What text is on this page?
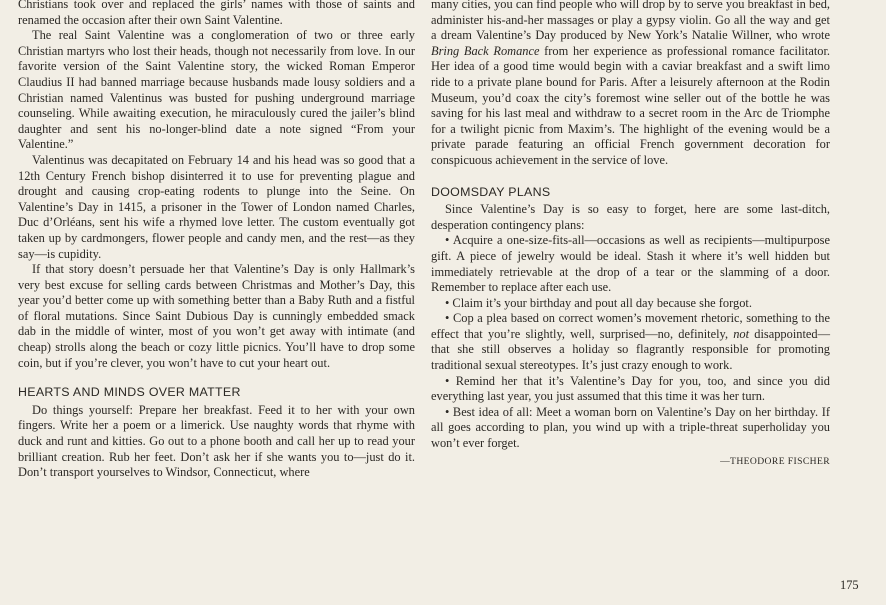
Christians took over and replaced the girls’ names with those of saints and renamed the occasion after their own Saint Valentine.

The real Saint Valentine was a conglomeration of two or three early Christian martyrs who lost their heads, though not necessarily from love. In our favorite version of the Saint Valentine story, the wicked Roman Emperor Claudius II had banned marriage because husbands made lousy soldiers and a Christian named Valentinus was busted for pushing underground marriage counseling. While awaiting execution, he miraculously cured the jailer’s blind daughter and sent his no-longer-blind date a note signed “From your Valentine.”

Valentinus was decapitated on February 14 and his head was so good that a 12th Century French bishop disinterred it to use for preventing plague and drought and causing crop-eating rodents to plunge into the Seine. On Valentine’s Day in 1415, a prisoner in the Tower of London named Charles, Duc d’Orléans, sent his wife a rhymed love letter. The custom eventually got taken up by cardmongers, flower people and candy men, and the rest—as they say—is cupidity.

If that story doesn’t persuade her that Valentine’s Day is only Hallmark’s very best excuse for selling cards between Christmas and Mother’s Day, this year you’d better come up with something better than a Baby Ruth and a fistful of floral mutations. Since Saint Dubious Day is cunningly embedded smack dab in the middle of winter, most of you won’t get away with intimate (and cheap) strolls along the beach or cozy little picnics. You’ll have to drop some coin, but if you’re clever, you won’t have to cut your heart out.

HEARTS AND MINDS OVER MATTER

Do things yourself: Prepare her breakfast. Feed it to her with your own fingers. Write her a poem or a limerick. Use naughty words that rhyme with duck and runt and kitties. Go out to a phone booth and call her up to read your brilliant creation. Rub her feet. Don’t ask her if she wants you to—just do it. Don’t transport yourselves to Windsor, Connecticut, where

many cities, you can find people who will drop by to serve you breakfast in bed, administer his-and-her massages or play a gypsy violin. Go all the way and get a dream Valentine’s Day produced by New York’s Natalie Willner, who wrote Bring Back Romance from her experience as professional romance facilitator. Her idea of a good time would begin with a caviar breakfast and a swift limo ride to a private plane bound for Paris. After a leisurely afternoon at the Rodin Museum, you’d coax the city’s foremost wine seller out of the bottle he was saving for his last meal and withdraw to a secret room in the Arc de Triomphe for a twilight picnic from Maxim’s. The highlight of the evening would be a private parade featuring an official French government decoration for conspicuous achievement in the service of love.

DOOMSDAY PLANS

Since Valentine’s Day is so easy to forget, here are some last-ditch, desperation contingency plans:

• Acquire a one-size-fits-all—occasions as well as recipients—multipurpose gift. A piece of jewelry would be ideal. Stash it where it’s well hidden but immediately retrievable at the drop of a tear or the slamming of a door. Remember to replace after each use.

• Claim it’s your birthday and pout all day because she forgot.

• Cop a plea based on correct women’s movement rhetoric, something to the effect that you’re slightly, well, surprised—no, definitely, not disappointed—that she still observes a holiday so flagrantly responsible for promoting traditional sexual stereotypes. It’s just crazy enough to work.

• Remind her that it’s Valentine’s Day for you, too, and since you did everything last year, you just assumed that this time it was her turn.

• Best idea of all: Meet a woman born on Valentine’s Day on her birthday. If all goes according to plan, you wind up with a triple-threat superholiday you won’t ever forget.

—THEODORE FISCHER
175
